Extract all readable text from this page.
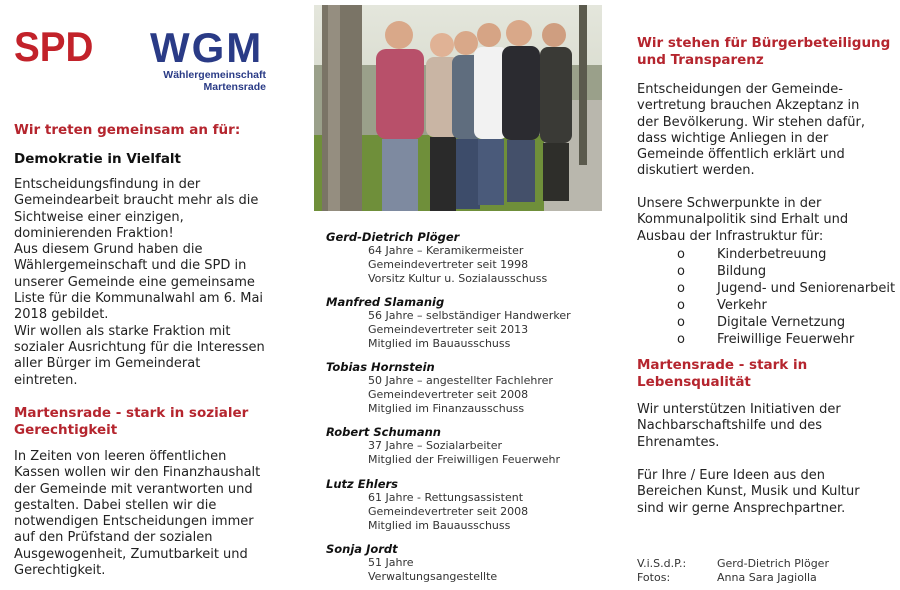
SPD WGM
Wählergemeinschaft
Martensrade
Wir treten gemeinsam an für:
Demokratie in Vielfalt
Entscheidungsfindung in der
Gemeindearbeit braucht mehr als die
Sichtweise einer einzigen,
dominierenden Fraktion!
Aus diesem Grund haben die
Wählergemeinschaft und die SPD in
unserer Gemeinde eine gemeinsame
Liste für die Kommunalwahl am 6. Mai
2018 gebildet.
Wir wollen als starke Fraktion mit
sozialer Ausrichtung für die Interessen
aller Bürger im Gemeinderat
eintreten.
Martensrade - stark in sozialer
Gerechtigkeit
In Zeiten von leeren öffentlichen
Kassen wollen wir den Finanzhaushalt
der Gemeinde mit verantworten und
gestalten. Dabei stellen wir die
notwendigen Entscheidungen immer
auf den Prüfstand der sozialen
Ausgewogenheit, Zumutbarkeit und
Gerechtigkeit.
Gerd-Dietrich Plöger
64 Jahre – Keramikermeister
Gemeindevertreter seit 1998
Vorsitz Kultur u. Sozialausschuss
Manfred Slamanig
56 Jahre – selbständiger Handwerker
Gemeindevertreter seit 2013
Mitglied im Bauausschuss
Tobias Hornstein
50 Jahre – angestellter Fachlehrer
Gemeindevertreter seit 2008
Mitglied im Finanzausschuss
Robert Schumann
37 Jahre – Sozialarbeiter
Mitglied der Freiwilligen Feuerwehr
Lutz Ehlers
61 Jahre - Rettungsassistent
Gemeindevertreter seit 2008
Mitglied im Bauausschuss
Sonja Jordt
51 Jahre
Verwaltungsangestellte
Wir stehen für Bürgerbeteiligung
und Transparenz
Entscheidungen der Gemeinde-
vertretung brauchen Akzeptanz in
der Bevölkerung. Wir stehen dafür,
dass wichtige Anliegen in der
Gemeinde öffentlich erklärt und
diskutiert werden.
Unsere Schwerpunkte in der
Kommunalpolitik sind Erhalt und
Ausbau der Infrastruktur für:
o Kinderbetreuung
o Bildung
o Jugend- und Seniorenarbeit
o Verkehr
o Digitale Vernetzung
o Freiwillige Feuerwehr
Martensrade - stark in
Lebensqualität
Wir unterstützen Initiativen der
Nachbarschaftshilfe und des
Ehrenamtes.
Für Ihre / Eure Ideen aus den
Bereichen Kunst, Musik und Kultur
sind wir gerne Ansprechpartner.
V.i.S.d.P.:	Gerd-Dietrich Plöger
Fotos:	Anna Sara Jagiolla
